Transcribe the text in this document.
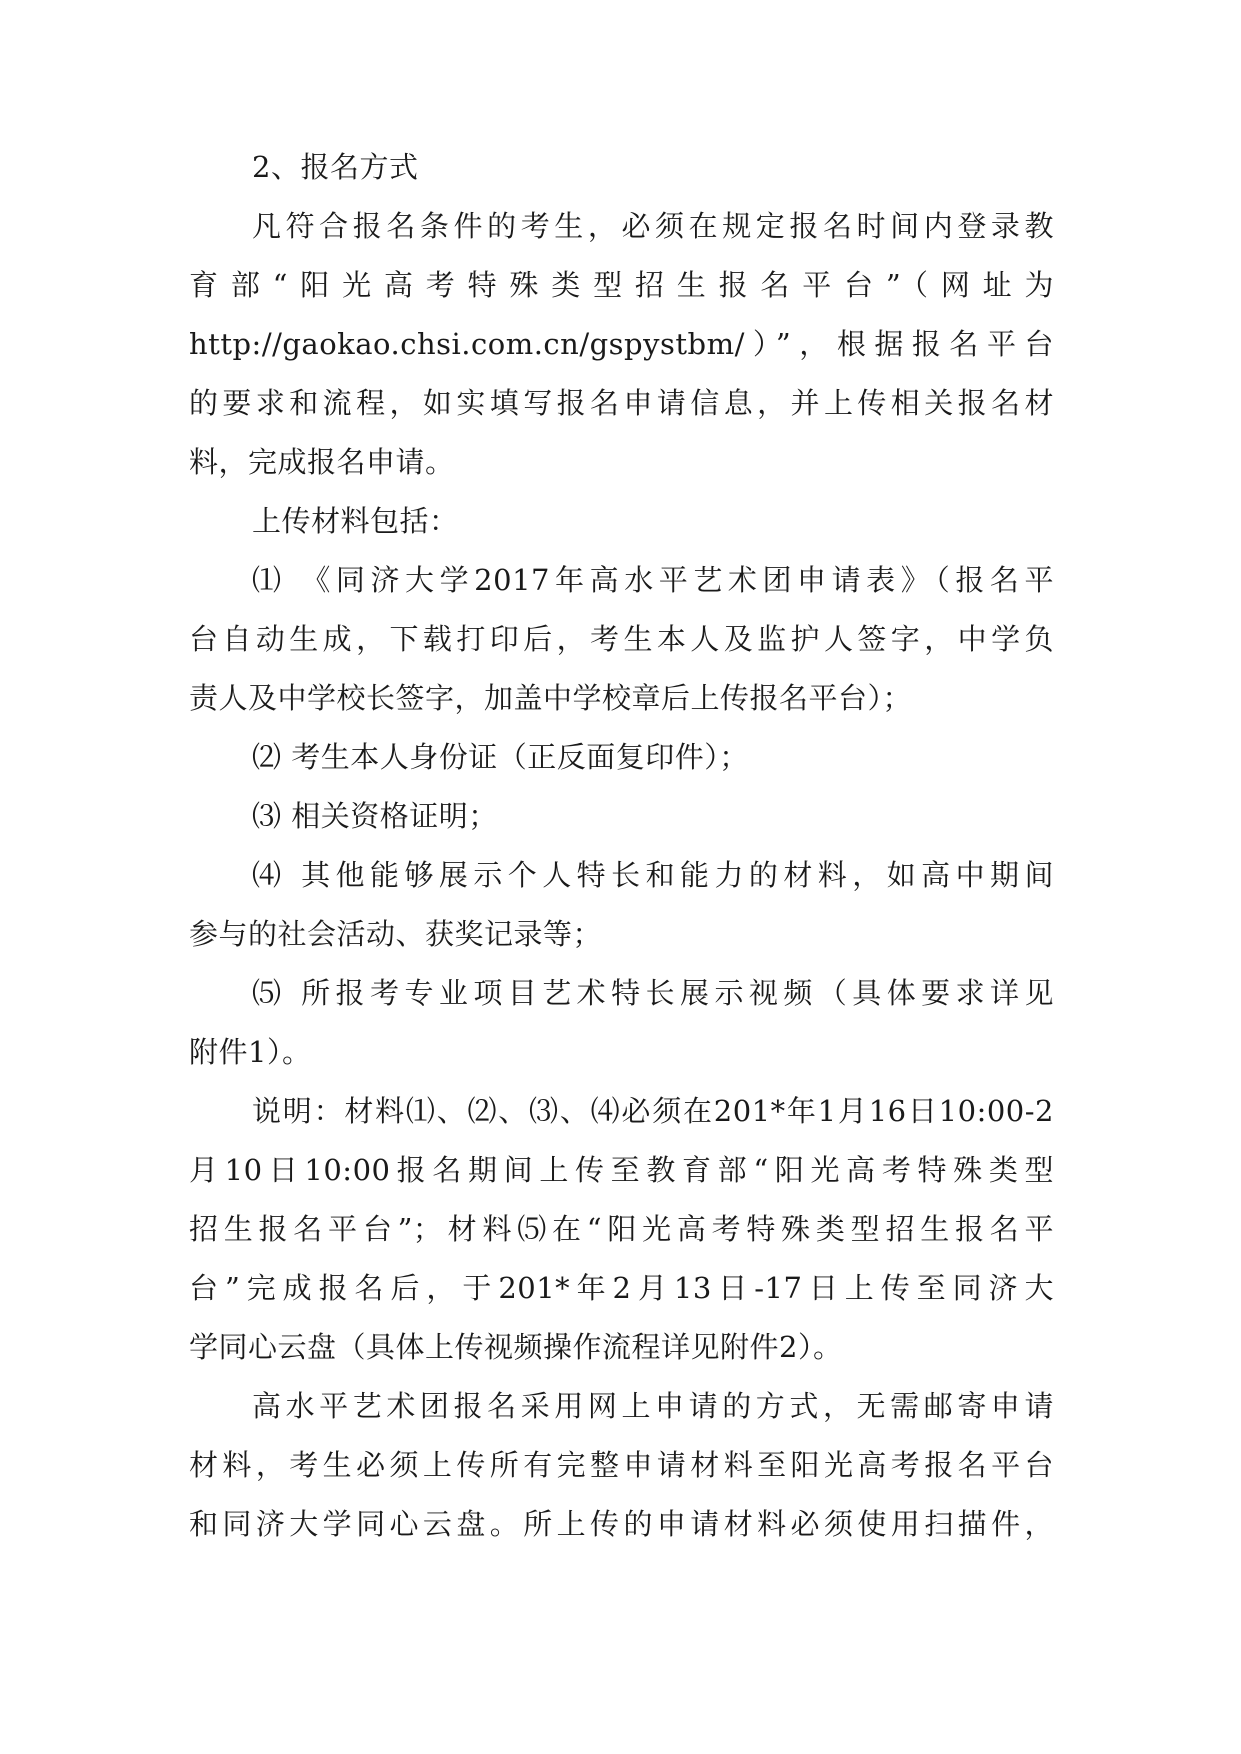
2、报名方式
凡符合报名条件的考生，必须在规定报名时间内登录教
育部“阳光高考特殊类型招生报名平台”（网址为
http://gaokao.chsi.com.cn/gspystbm/）”，根据报名平台
的要求和流程，如实填写报名申请信息，并上传相关报名材
料，完成报名申请。
上传材料包括：
⑴ 《同济大学2017年高水平艺术团申请表》（报名平
台自动生成，下载打印后，考生本人及监护人签字，中学负
责人及中学校长签字，加盖中学校章后上传报名平台）；
⑵ 考生本人身份证（正反面复印件）；
⑶ 相关资格证明；
⑷ 其他能够展示个人特长和能力的材料，如高中期间
参与的社会活动、获奖记录等；
⑸ 所报考专业项目艺术特长展示视频（具体要求详见
附件1）。
说明：材料⑴、⑵、⑶、⑷必须在201*年1月16日10:00-2
月10日10:00报名期间上传至教育部“阳光高考特殊类型
招生报名平台”；材料⑸在“阳光高考特殊类型招生报名平
台”完成报名后，于201*年2月13日-17日上传至同济大
学同心云盘（具体上传视频操作流程详见附件2）。
高水平艺术团报名采用网上申请的方式，无需邮寄申请
材料，考生必须上传所有完整申请材料至阳光高考报名平台
和同济大学同心云盘。所上传的申请材料必须使用扫描件，
